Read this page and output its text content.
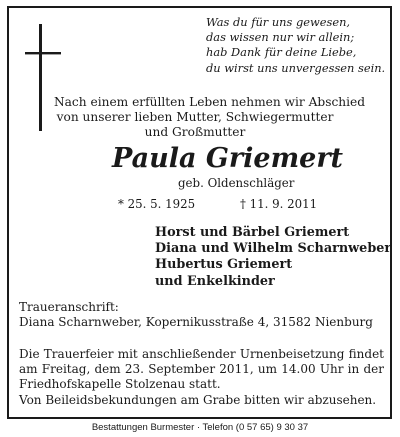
Was du für uns gewesen,
das wissen nur wir allein;
hab Dank für deine Liebe,
du wirst uns unvergessen sein.
Nach einem erfüllten Leben nehmen wir Abschied
von unserer lieben Mutter, Schwiegermutter
und Großmutter
Paula Griemert
geb. Oldenschläger
* 25. 5. 1925	† 11. 9. 2011
Horst und Bärbel Griemert
Diana und Wilhelm Scharnweber
Hubertus Griemert
und Enkelkinder
Traueranschrift:
Diana Scharnweber, Kopernikusstraße 4, 31582 Nienburg
Die Trauerfeier mit anschließender Urnenbeisetzung findet
am Freitag, dem 23. September 2011, um 14.00 Uhr in der
Friedhofskapelle Stolzenau statt.
Von Beileidsbekundungen am Grabe bitten wir abzusehen.
Bestattungen Burmester · Telefon (0 57 65) 9 30 37
